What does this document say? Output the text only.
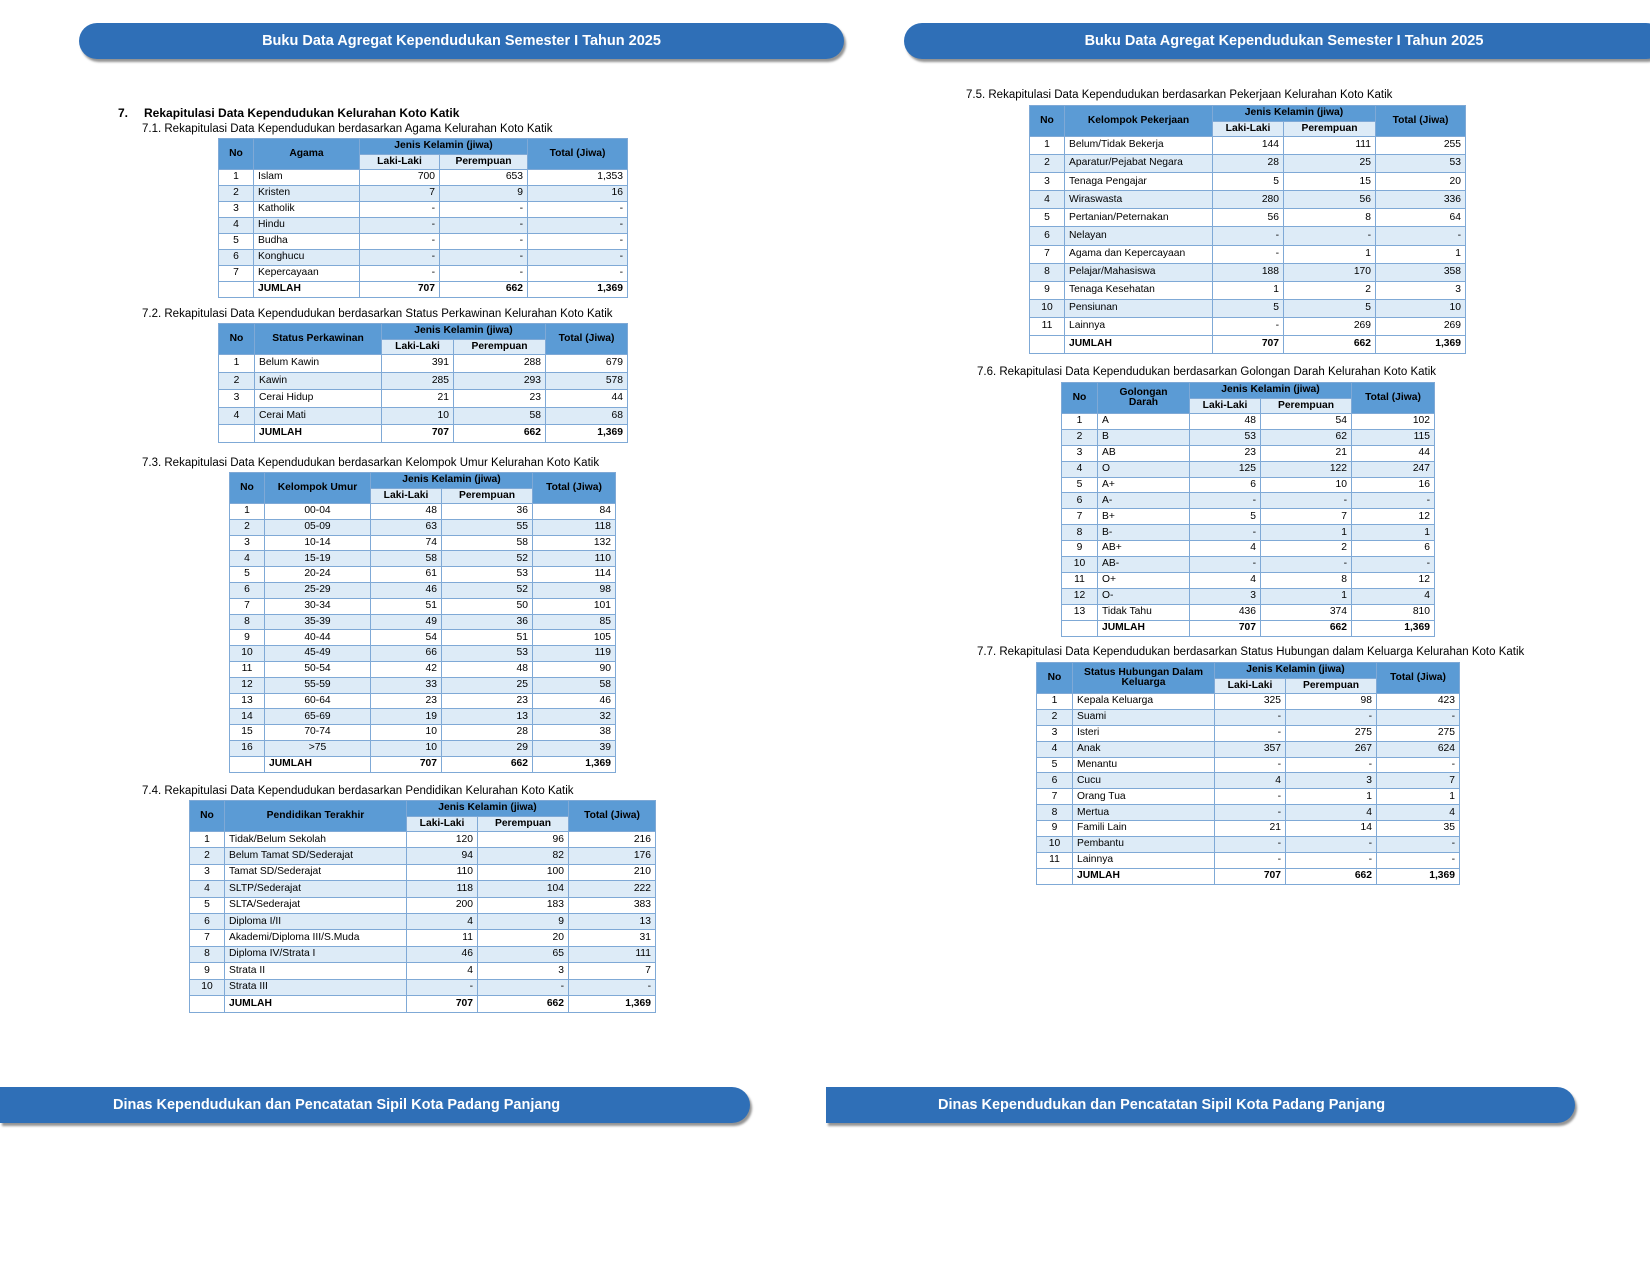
Buku Data Agregat Kependudukan Semester I Tahun 2025	Buku Data Agregat Kependudukan Semester I Tahun 2025
Dinas Kependudukan dan Pencatatan Sipil Kota Padang Panjang	Dinas Kependudukan dan Pencatatan Sipil Kota Padang Panjang
7. Rekapitulasi Data Kependudukan Kelurahan Koto Katik
7.1. Rekapitulasi Data Kependudukan berdasarkan Agama Kelurahan Koto Katik
7.2. Rekapitulasi Data Kependudukan berdasarkan Status Perkawinan Kelurahan Koto Katik
7.3. Rekapitulasi Data Kependudukan berdasarkan Kelompok Umur Kelurahan Koto Katik
7.4. Rekapitulasi Data Kependudukan berdasarkan Pendidikan Kelurahan Koto Katik
7.5. Rekapitulasi Data Kependudukan berdasarkan Pekerjaan Kelurahan Koto Katik
7.6. Rekapitulasi Data Kependudukan berdasarkan Golongan Darah Kelurahan Koto Katik
7.7. Rekapitulasi Data Kependudukan berdasarkan Status Hubungan dalam Keluarga Kelurahan Koto Katik
No	Agama	Jenis Kelamin (jiwa)		Total (Jiwa)
		Laki-Laki	Perempuan	
1	Islam	700	653	1,353
2	Kristen	7	9	16
3	Katholik	-	-	-
4	Hindu	-	-	-
5	Budha	-	-	-
6	Konghucu	-	-	-
7	Kepercayaan	-	-	-
	JUMLAH	707	662	1,369
No	Status Perkawinan	Jenis Kelamin (jiwa)		Total (Jiwa)
		Laki-Laki	Perempuan	
1	Belum Kawin	391	288	679
2	Kawin	285	293	578
3	Cerai Hidup	21	23	44
4	Cerai Mati	10	58	68
	JUMLAH	707	662	1,369
No	Kelompok Umur	Jenis Kelamin (jiwa)		Total (Jiwa)
		Laki-Laki	Perempuan	
1	00-04	48	36	84
2	05-09	63	55	118
3	10-14	74	58	132
4	15-19	58	52	110
5	20-24	61	53	114
6	25-29	46	52	98
7	30-34	51	50	101
8	35-39	49	36	85
9	40-44	54	51	105
10	45-49	66	53	119
11	50-54	42	48	90
12	55-59	33	25	58
13	60-64	23	23	46
14	65-69	19	13	32
15	70-74	10	28	38
16	>75	10	29	39
	JUMLAH	707	662	1,369
No	Pendidikan Terakhir	Jenis Kelamin (jiwa)		Total (Jiwa)
		Laki-Laki	Perempuan	
1	Tidak/Belum Sekolah	120	96	216
2	Belum Tamat SD/Sederajat	94	82	176
3	Tamat SD/Sederajat	110	100	210
4	SLTP/Sederajat	118	104	222
5	SLTA/Sederajat	200	183	383
6	Diploma I/II	4	9	13
7	Akademi/Diploma III/S.Muda	11	20	31
8	Diploma IV/Strata I	46	65	111
9	Strata II	4	3	7
10	Strata III	-	-	-
	JUMLAH	707	662	1,369
No	Kelompok Pekerjaan	Jenis Kelamin (jiwa)		Total (Jiwa)
		Laki-Laki	Perempuan	
1	Belum/Tidak Bekerja	144	111	255
2	Aparatur/Pejabat Negara	28	25	53
3	Tenaga Pengajar	5	15	20
4	Wiraswasta	280	56	336
5	Pertanian/Peternakan	56	8	64
6	Nelayan	-	-	-
7	Agama dan Kepercayaan	-	1	1
8	Pelajar/Mahasiswa	188	170	358
9	Tenaga Kesehatan	1	2	3
10	Pensiunan	5	5	10
11	Lainnya	-	269	269
	JUMLAH	707	662	1,369
No	Golongan
Darah	Jenis Kelamin (jiwa)		Total (Jiwa)
		Laki-Laki	Perempuan	
1	A	48	54	102
2	B	53	62	115
3	AB	23	21	44
4	O	125	122	247
5	A+	6	10	16
6	A-	-	-	-
7	B+	5	7	12
8	B-	-	1	1
9	AB+	4	2	6
10	AB-	-	-	-
11	O+	4	8	12
12	O-	3	1	4
13	Tidak Tahu	436	374	810
	JUMLAH	707	662	1,369
No	Status Hubungan Dalam
Keluarga	Jenis Kelamin (jiwa)		Total (Jiwa)
		Laki-Laki	Perempuan	
1	Kepala Keluarga	325	98	423
2	Suami	-	-	-
3	Isteri	-	275	275
4	Anak	357	267	624
5	Menantu	-	-	-
6	Cucu	4	3	7
7	Orang Tua	-	1	1
8	Mertua	-	4	4
9	Famili Lain	21	14	35
10	Pembantu	-	-	-
11	Lainnya	-	-	-
	JUMLAH	707	662	1,369
